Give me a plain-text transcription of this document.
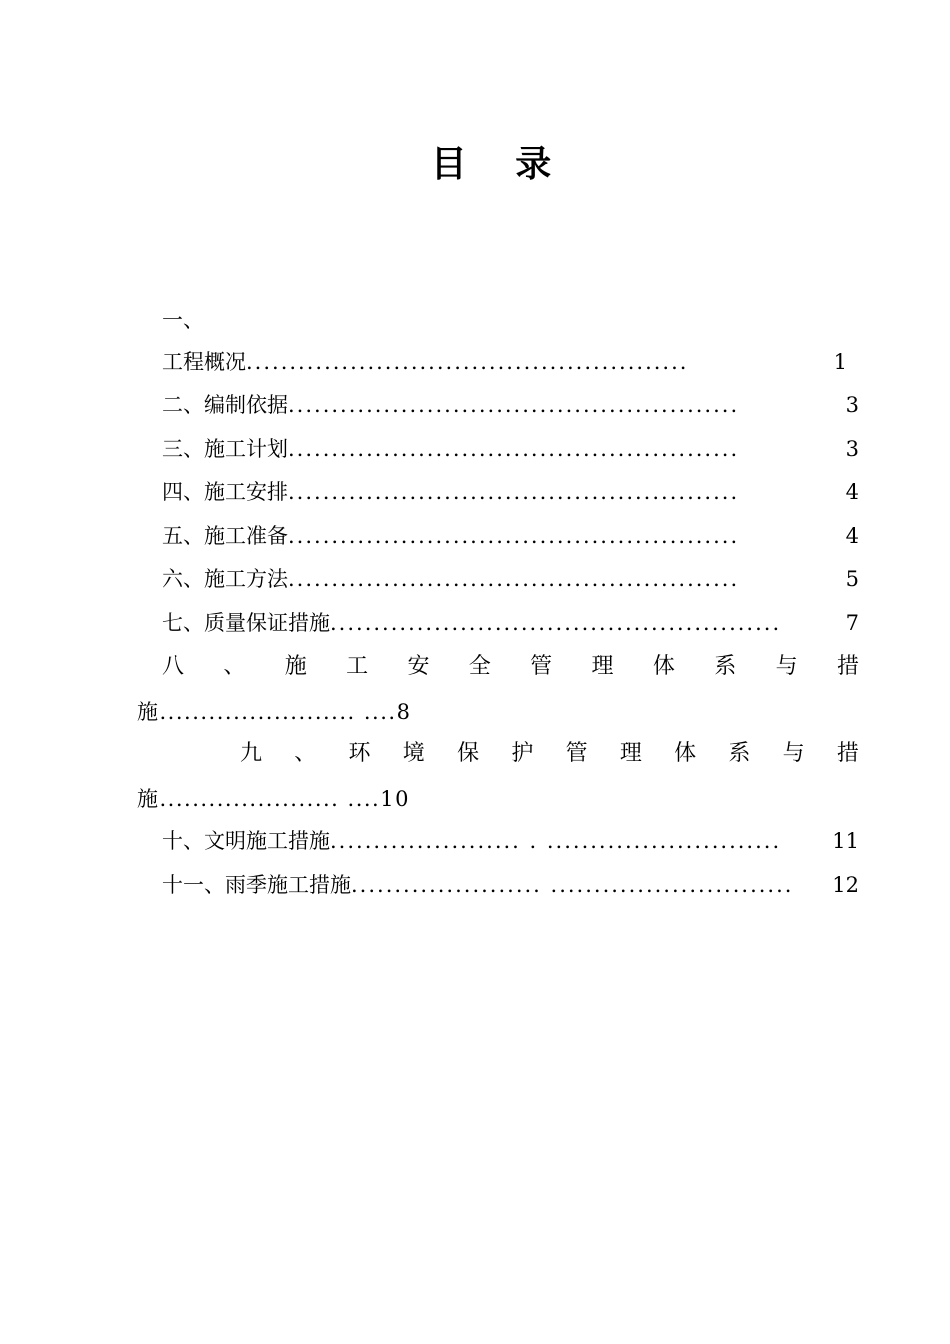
目 录
一、
工程概况 ...................................................	1
二、编制依据 ....................................................	3
三、施工计划 ....................................................	3
四、施工安排 ....................................................	4
五、施工准备 ....................................................	4
六、施工方法 ....................................................	5
七、质量保证措施 ....................................................	7
八 、 施 工 安 全 管 理 体 系 与 措
施........................ ....8
九 、 环 境 保 护 管 理 体 系 与 措
施...................... ....10
十、文明施工措施 ...................... . ...........................	11
十一、雨季施工措施 ...................... ............................	12
